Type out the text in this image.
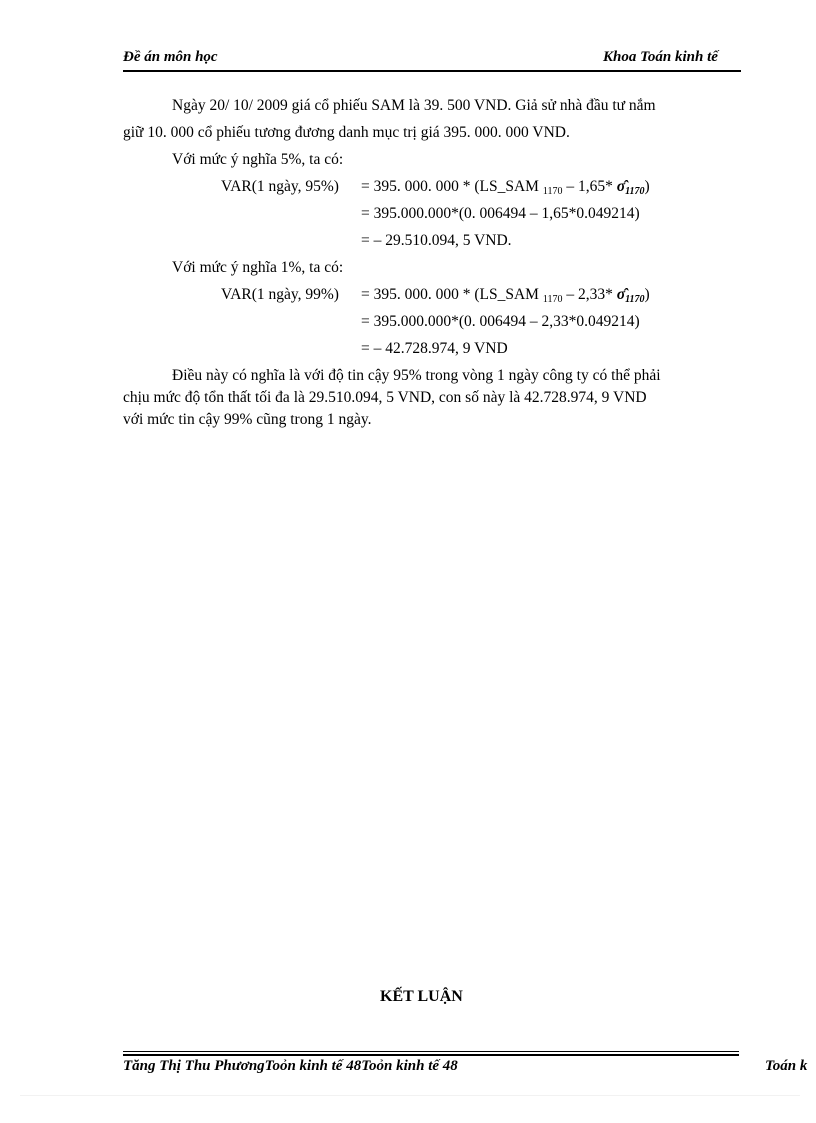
Đề án môn học	Khoa Toán kinh tế
Ngày 20/ 10/ 2009 giá cổ phiếu SAM là 39. 500 VND. Giả sử nhà đầu tư nắm
giữ 10. 000 cổ phiếu tương đương danh mục trị giá 395. 000. 000 VND.
Với mức ý nghĩa 5%, ta có:
VAR(1 ngày, 95%) = 395. 000. 000 * (LS_SAM $_{1170}$ – 1,65* $\sigmâ_{1170}$)
= 395.000.000*(0. 006494 – 1,65*0.049214)
= – 29.510.094, 5 VND.
Với mức ý nghĩa 1%, ta có:
VAR(1 ngày, 99%) = 395. 000. 000 * (LS_SAM $_{1170}$ – 2,33* $\sigmâ_{1170}$)
= 395.000.000*(0. 006494 – 2,33*0.049214)
= – 42.728.974, 9 VND
Điều này có nghĩa là với độ tin cậy 95% trong vòng 1 ngày công ty có thể phải
chịu mức độ tổn thất tối đa là 29.510.094, 5 VND, con số này là 42.728.974, 9 VND
với mức tin cậy 99% cũng trong 1 ngày.
KẾT LUẬN
Tăng Thị Thu PhươngToỏn kinh tế 48Toỏn kinh tế 48	Toán k
